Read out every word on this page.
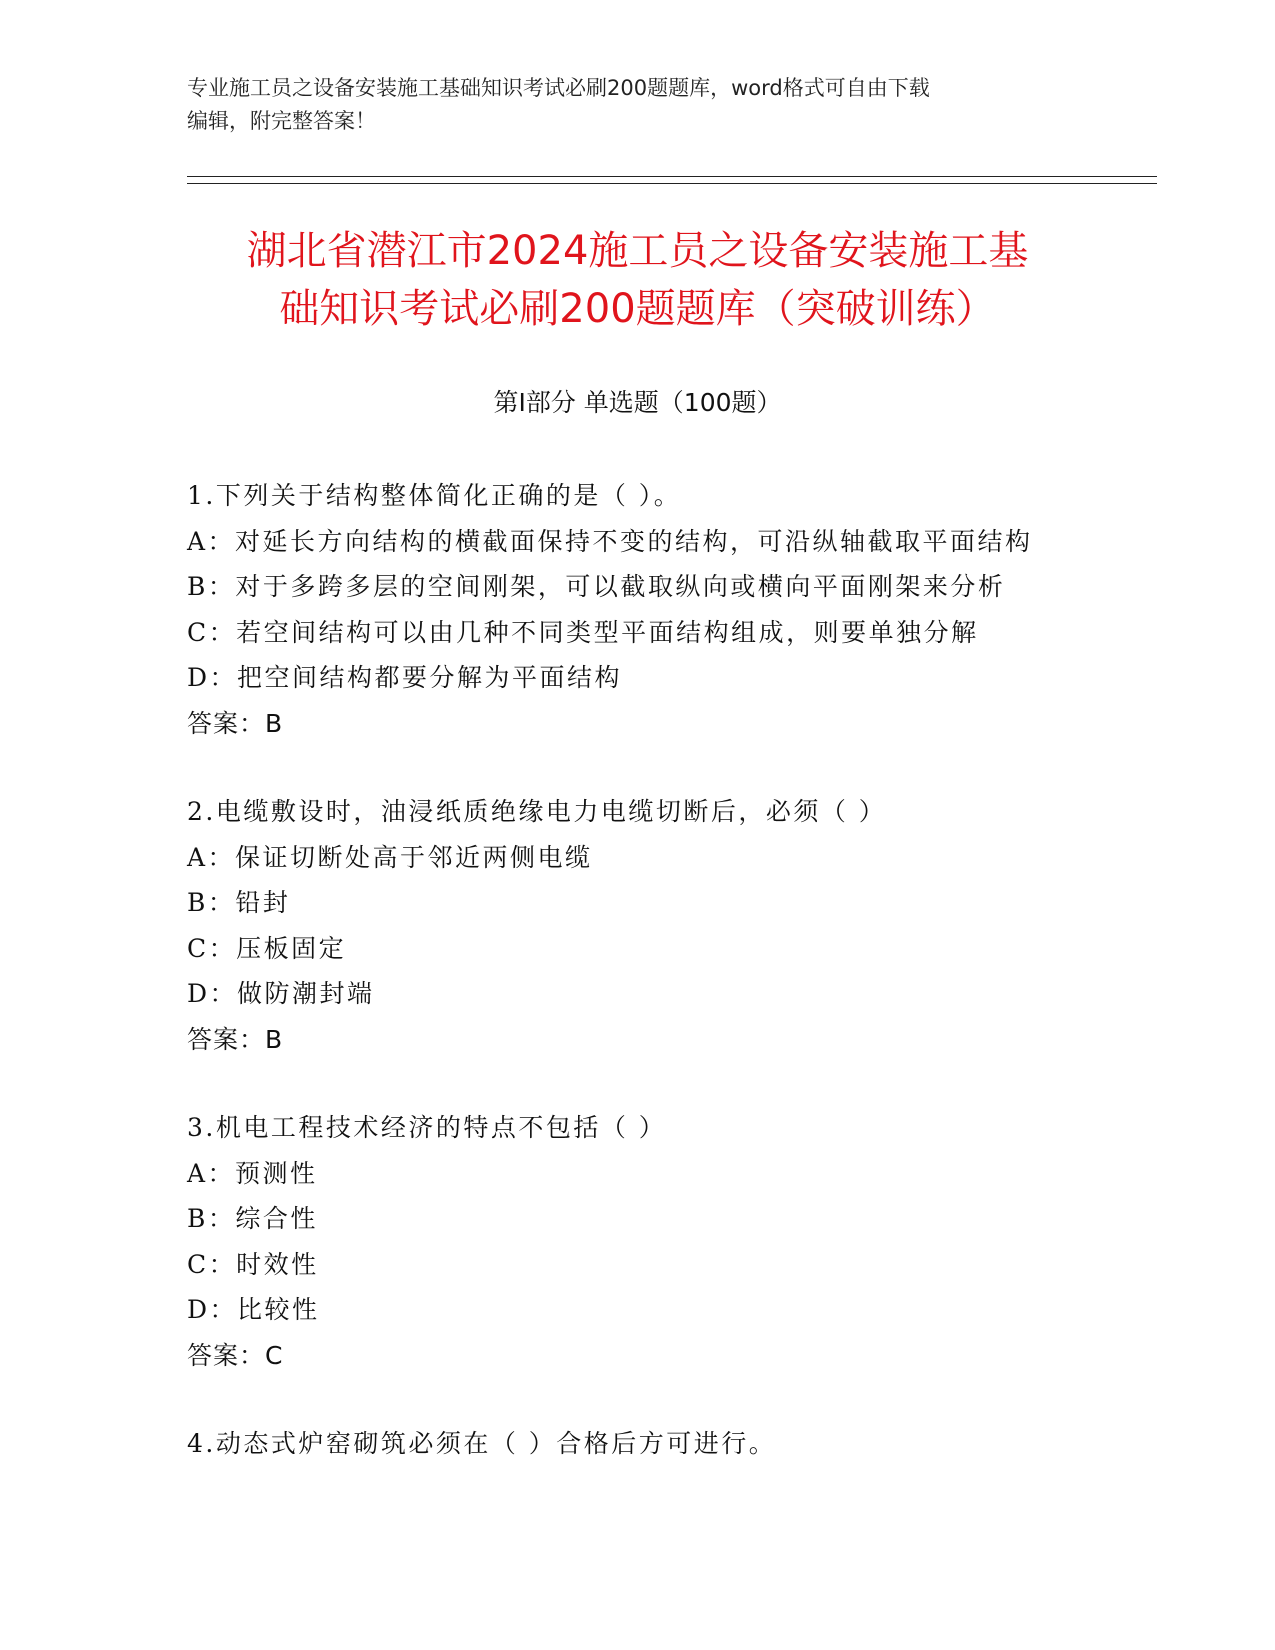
专业施工员之设备安装施工基础知识考试必刷200题题库，word格式可自由下载
编辑，附完整答案！
湖北省潜江市2024施工员之设备安装施工基
础知识考试必刷200题题库（突破训练）
第Ⅰ部分 单选题（100题）
1.下列关于结构整体简化正确的是（ ）。
A：对延长方向结构的横截面保持不变的结构，可沿纵轴截取平面结构
B：对于多跨多层的空间刚架，可以截取纵向或横向平面刚架来分析
C：若空间结构可以由几种不同类型平面结构组成，则要单独分解
D：把空间结构都要分解为平面结构
答案：B
2.电缆敷设时，油浸纸质绝缘电力电缆切断后，必须（ ）
A：保证切断处高于邻近两侧电缆
B：铅封
C：压板固定
D：做防潮封端
答案：B
3.机电工程技术经济的特点不包括（ ）
A：预测性
B：综合性
C：时效性
D：比较性
答案：C
4.动态式炉窑砌筑必须在（ ）合格后方可进行。
